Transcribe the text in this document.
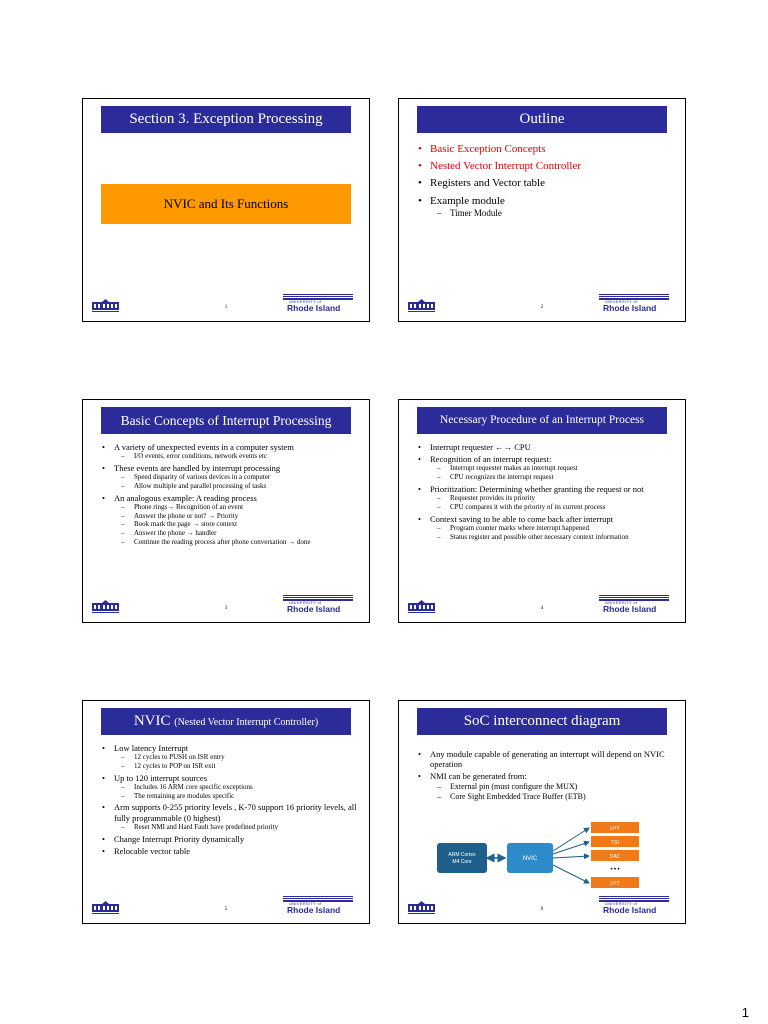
Section 3. Exception Processing
NVIC and Its Functions
1
UNIVERSITY of
Rhode Island
Outline
• Basic Exception Concepts
• Nested Vector Interrupt Controller
• Registers and Vector table
• Example module
– Timer Module
2
UNIVERSITY of
Rhode Island
Basic Concepts of Interrupt Processing
• A variety of unexpected events in a computer system
– I/O events, error conditions, network events etc
• These events are handled by interrupt processing
– Speed disparity of various devices in a computer
– Allow multiple and parallel processing of tasks
• An analogous example: A reading process
– Phone rings→ Recognition of an event
– Answer the phone or not? → Priority
– Book mark the page → store context
– Answer the phone → handler
– Continue the reading process after phone conversation → done
3
UNIVERSITY of
Rhode Island
Necessary Procedure of an Interrupt Process
• Interrupt requester ←→ CPU
• Recognition of an interrupt request:
– Interrupt requester makes an interrupt request
– CPU recognizes the interrupt request
• Prioritization: Determining whether granting the request or not
– Requester provides its priority
– CPU compares it with the priority of its current process
• Context saving to be able to come back after interrupt
– Program counter marks where interrupt happened
– Status register and possible other necessary context information
4
UNIVERSITY of
Rhode Island
NVIC (Nested Vector Interrupt Controller)
• Low latency Interrupt
– 12 cycles to PUSH on ISR entry
– 12 cycles to POP on ISR exit
• Up to 120 interrupt sources
– Includes 16 ARM core specific exceptions
– The remaining are modules specific
• Arm supports 0-255 priority levels , K-70 support 16 priority levels, all fully programmable (0 highest)
– Reset NMI and Hard Fault have predefined priority
• Change Interrupt Priority dynamically
• Relocable vector table
5
UNIVERSITY of
Rhode Island
SoC interconnect diagram
• Any module capable of generating an interrupt will depend on NVIC operation
• NMI can be generated from:
– External pin (must configure the MUX)
– Core Sight Embedded Trace Buffer (ETB)
ARM Cortex
M4 Core	NVIC
LPT
TSI
DAC
•••
LPT
6
UNIVERSITY of
Rhode Island
1
